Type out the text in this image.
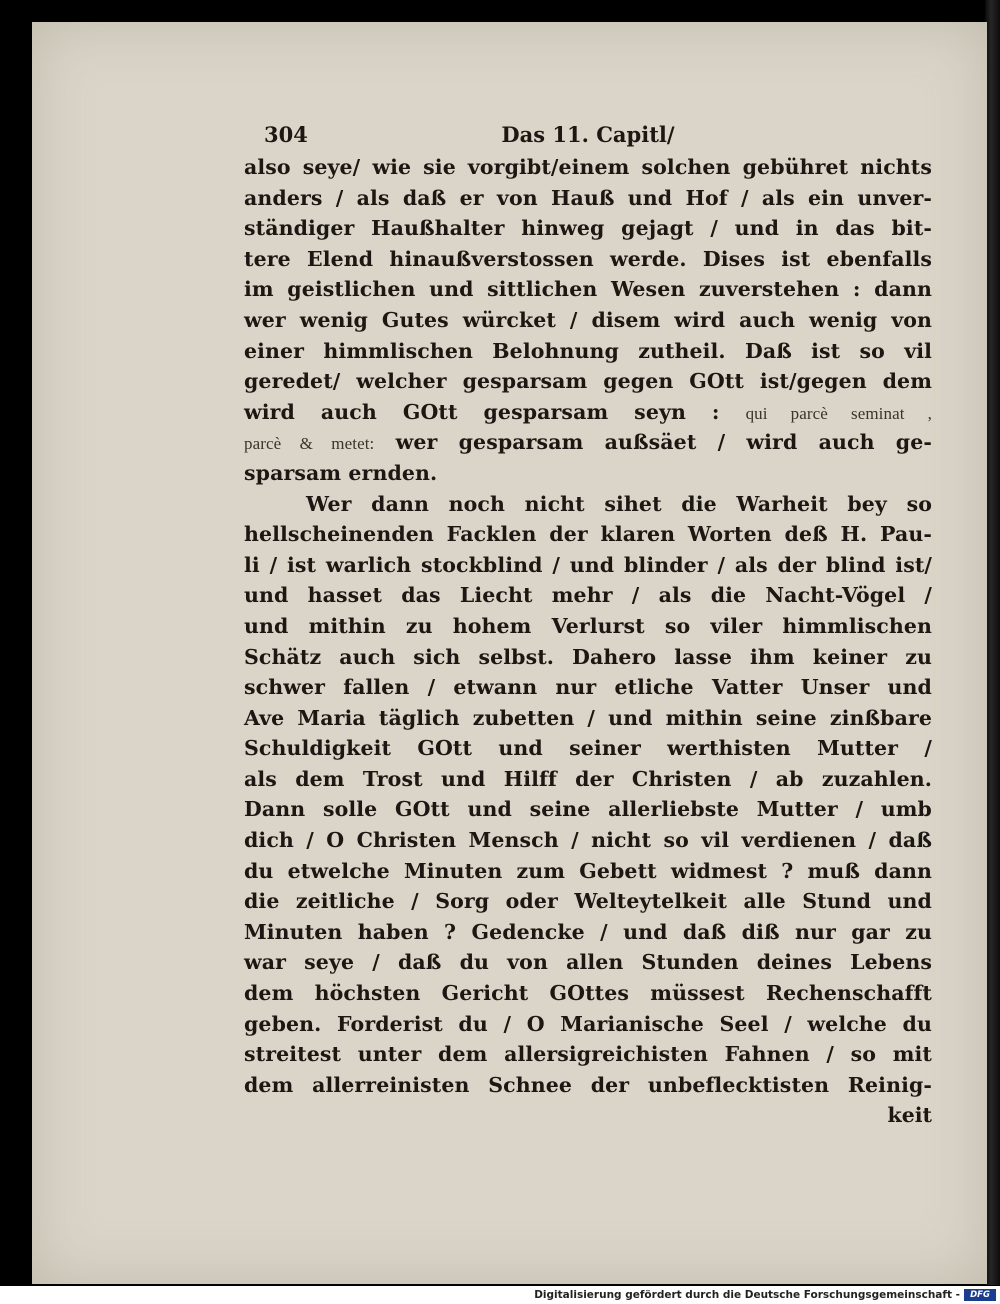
304	Das 11. Capitl/
also seye/ wie sie vorgibt/einem solchen gebühret nichts
anders / als daß er von Hauß und Hof / als ein unver-
ständiger Haußhalter hinweg gejagt / und in das bit-
tere Elend hinaußverstossen werde. Dises ist ebenfalls
im geistlichen und sittlichen Wesen zuverstehen : dann
wer wenig Gutes würcket / disem wird auch wenig von
einer himmlischen Belohnung zutheil. Daß ist so vil
geredet/ welcher gesparsam gegen GOtt ist/gegen dem
wird auch GOtt gesparsam seyn : qui parcè seminat ,
parcè & metet: wer gesparsam außsäet / wird auch ge-
sparsam ernden.
Wer dann noch nicht sihet die Warheit bey so
hellscheinenden Facklen der klaren Worten deß H. Pau-
li / ist warlich stockblind / und blinder / als der blind ist/
und hasset das Liecht mehr / als die Nacht-Vögel /
und mithin zu hohem Verlurst so viler himmlischen
Schätz auch sich selbst. Dahero lasse ihm keiner zu
schwer fallen / etwann nur etliche Vatter Unser und
Ave Maria täglich zubetten / und mithin seine zinßbare
Schuldigkeit GOtt und seiner werthisten Mutter /
als dem Trost und Hilff der Christen / ab zuzahlen.
Dann solle GOtt und seine allerliebste Mutter / umb
dich / O Christen Mensch / nicht so vil verdienen / daß
du etwelche Minuten zum Gebett widmest ? muß dann
die zeitliche / Sorg oder Welteytelkeit alle Stund und
Minuten haben ? Gedencke / und daß diß nur gar zu
war seye / daß du von allen Stunden deines Lebens
dem höchsten Gericht GOttes müssest Rechenschafft
geben. Forderist du / O Marianische Seel / welche du
streitest unter dem allersigreichisten Fahnen / so mit
dem allerreinisten Schnee der unbeflecktisten Reinig-
keit
Digitalisierung gefördert durch die Deutsche Forschungsgemeinschaft -	DFG
